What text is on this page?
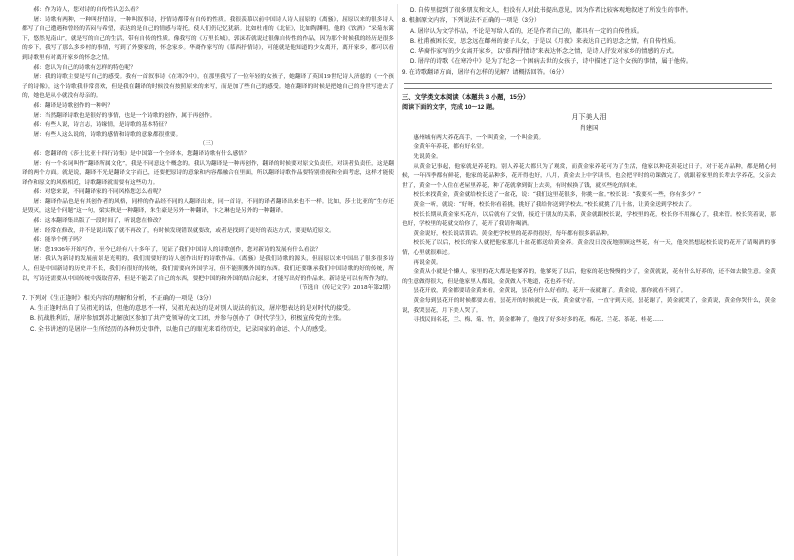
郝：作为诗人，您对诗的自传性认怎么看？

屠：诗歌有两种，一种叫抒情诗，一种叫叙事诗，抒情诗都带有自传的性质。我很羡慕以前中国诗人诗人屈原的《离骚》，屈原以来的很多诗人都写了自己遭遇和曾经的苦闷与希望，表达的是自己的情感与寄托，使人们仍记忆犹新。比如杜甫的《北征》，比如陶渊明，他的《饮酒》“采菊东篱下，悠然见南山”，就是写的自己的生活，带有自传的性质。像我写的《万里长城》，郭沫若就说过很像自传性的作品，因为那个时候我的经历是很多的乡下，我写了那么多乡村的事情，写到了外婆家的，怀念家乡。华裔作家写的《慕西抒情诗》，可能就是他知道的少女离开，离开家乡，都可以看到诗歌里有对离开家乡的怀念之情。

郝：您认为自己的诗歌有怎样的特色呢？

屠：我的诗歌主要是写自己的感受。我有一首叙事诗《在寒冷中》，在那里我写了一位年轻的女孩子，她翻译了英国19世纪诗人济慈的《一个孩子的诗像》，这个诗歌我非常喜欢，但是我在翻译的时候没有按照原来的来写，而是加了些自己的感受。她在翻译的时候是把她自己的身世写进去了的，她也是从小就没有母亲的。

郝：翻译是诗歌创作的一种吗？

屠：当然翻译诗歌也是很好的事情，也是一个诗歌的创作，属于再创作。

郝：有些人说，诗言志，诗缘情，是诗歌的基本特征？

屠：有些人这么说的，诗歌的感情和诗歌的意象都很重要。

（三）

郝：您翻译的《莎士比亚十四行诗集》是中国第一个全译本，您翻译诗歌有什么感悟？

屠：有一个名词叫作“翻译所属文化”，我是不同意这个概念的。我认为翻译是一种再创作，翻译的时候要对原文负责任，对读者负责任，这是翻译的两个方面。就是说，翻译不光是翻译文字而已，还要把原诗的意象和内容都融合在里面，所以翻译诗歌作品要特别重视和全面考虑，这样才能使译作和原文的风格相近，诗歌翻译就需要有这些功力。

郝：对您来说，不同翻译家的不同风格您怎么看呢？

屠：翻译作品也是有其创作者的风格，同样的作品经不同的人翻译出来，同一首诗，不同的译者翻译出来也不一样。比如，莎士比亚的“生存还是毁灭，这是个问题”这一句，梁实秋是一种翻译，朱生豪是另外一种翻译，卞之琳也是另外的一种翻译。

郝：这本翻译集出版了一段时间了，听说您在修改？

屠：经常在修改，并不是说出版了就不再改了，有时候发现错误就要改，或者是找到了更好的表达方式，要更贴近原文。

郝：能举个例子吗？

屠：您1936年开始写作，至今已经有八十多年了，见证了我们中国诗人的诗歌创作，您对新诗的发展有什么看法？

屠：我认为新诗的发展前景是光明的，我们需要好的诗人创作出好的诗歌作品。《离骚》是我们诗歌的源头，但屈原以来中国出了很多很多诗人，但是中国新诗的历史并不长，我们有很好的传统，我们需要向外国学习，但不能照搬外国的东西。我们还要继承我们中国诗歌的好的传统，所以，写诗还需要从中国传统中汲取营养，但是不能丢了自己的东西，要把中国的和外国的结合起来，才能写出好的作品来。新诗是可以有所作为的。

（节选自《传记文学》2018年第2期）

7. 下列对《生正逢时》相关内容的理解和分析，不正确的一项是（3分）

A. 生正逢时出自了吴祖光的话，但他的意思不一样，吴祖光表达的是对别人说法的抗议，屠岸想表达的是对时代的接受。

B. 抗战胜利后，屠岸参加到苏北解放区参加了共产党领导的文工团，并参与创办了《时代学生》，积极宣传党的主张。

C. 全书讲述的是屠岸一生所经历的各种历史事件，以他自己的眼光来看待历史，记录国家的命运、个人的感受。

D. 自传里提到了很多朋友和文人，但没有人对此书提出意见，因为作者比较客观地叙述了所发生的事件。

8. 根据原文内容，下列说法不正确的一项是（3分）

A. 屠岸认为文学作品，不论是写给人看的，还是作者自己的，都具有一定的自传性质。

B. 杜甫被困长安，思念远在鄜州的妻子儿女，于是以《月夜》来表达自己的思念之情，有自传性质。

C. 华裔作家写的少女离开家乡，以“慕西抒情诗”来表达怀念之情，是诗人抒发对家乡的情感的方式。

D. 屠岸的诗歌《在寒冷中》是为了纪念一个困病去世的女孩子，诗中描述了这个女孩的事情，属于他传。

9. 在诗歌翻译方面，屠岸有怎样的见解？请概括回答。（6分）

三、文学类文本阅读（本题共 3 小题，15分）

阅读下面的文字，完成 10～12 题。

月下美人泪

肖建国

惠州城有两大养花高手，一个叫黄金，一个叫金黄。

金黄年年养花，都有好名堂。

先说黄金。

从黄金记事起，他家就是养花的。别人养花大都只为了观赏，而黄金家养花可为了生活，他家以种花卖花过日子，对于花卉品种，都是精心伺候，一年四季都有鲜花，他家的花品种多，花开得也好，八月，黄金去上中学读书，也会把平时的功课做完了，就跟着家里的长辈去学养花，父亲去世了，黄金一个人住在老屋里养花，种了花就拿到街上去卖，有时候换了钱，就买些吃的回来。

校长来找黄金，黄金就给校长送了一盆花，说：“我们这里花很多，你挑一盆。”校长说：“我要买一些，你有多少？”

黄金一听，就说：“好呀，校长你看着挑，挑好了我给你送到学校去。”校长就挑了几十盆，让黄金送到学校去了。

校长长期从黄金家买花卉，以后就有了交情，接近于朋友的关系，黄金就跟校长说，学校里的花，校长你不用操心了，我来管。校长笑着说，那也好，学校里的花就交给你了，花开了我请你喝酒。

黄金说好，校长说话算话。黄金把学校里的花养得很好，每年都有很多新品种。

校长死了以后，校长的家人就把他家那几十盆花都送给黄金养。黄金没日没夜地照顾这些花，有一天，他突然想起校长说的花开了请喝酒的事情，心里就很难过。

再说金黄。

金黄从小就是个懒人，家里的花大都是他爹养的，他爹死了以后，他家的花也慢慢的少了，金黄就说，花有什么好养的，还不如去做生意。金黄的生意做得很大，但是他家里人都说，金黄做人不地道，花也养不好。

昙花开放，黄金都要请金黄来看，金黄说，昙花有什么好看的，花开一夜就谢了。黄金说，那你就看不到了。

黄金每到昙花开的时候都要去看，昙花开的时候就是一夜，黄金就守着，一直守到天亮，昙花谢了，黄金就哭了，金黄说，黄金你哭什么，黄金说，我哭昙花，月下美人哭了。

寻找民间名花，兰、梅、菊、竹，黄金都种了，他找了好多好多的花，梅花、兰花、茶花、桂花……
